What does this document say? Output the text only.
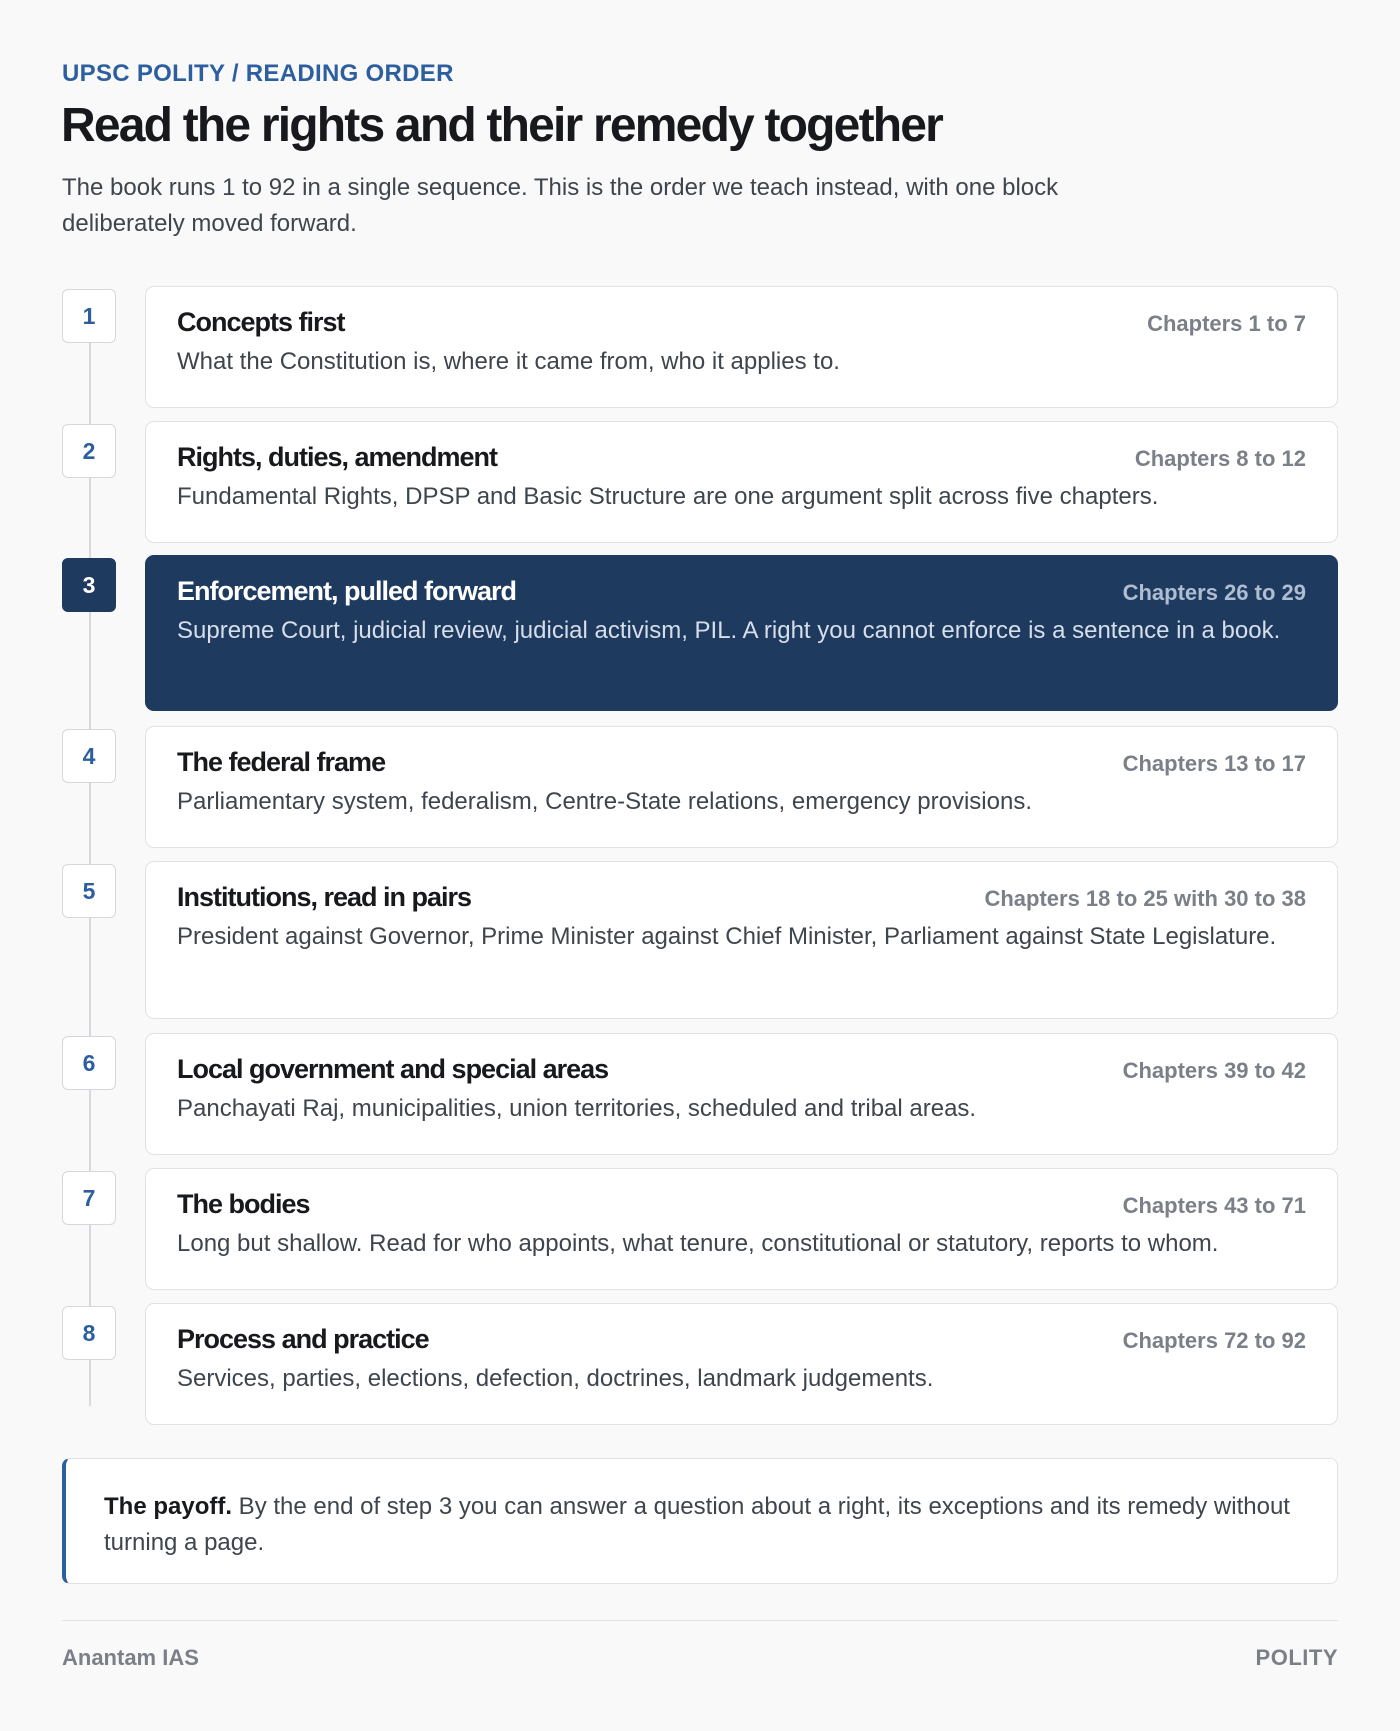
UPSC POLITY / READING ORDER
Read the rights and their remedy together

The book runs 1 to 92 in a single sequence. This is the order we teach instead, with one block deliberately moved forward.

1	Concepts first	Chapters 1 to 7
What the Constitution is, where it came from, who it applies to.
2	Rights, duties, amendment	Chapters 8 to 12
Fundamental Rights, DPSP and Basic Structure are one argument split across five chapters.
3	Enforcement, pulled forward	Chapters 26 to 29
Supreme Court, judicial review, judicial activism, PIL. A right you cannot enforce is a sentence in a book.
4	The federal frame	Chapters 13 to 17
Parliamentary system, federalism, Centre-State relations, emergency provisions.
5	Institutions, read in pairs	Chapters 18 to 25 with 30 to 38
President against Governor, Prime Minister against Chief Minister, Parliament against State Legislature.
6	Local government and special areas	Chapters 39 to 42
Panchayati Raj, municipalities, union territories, scheduled and tribal areas.
7	The bodies	Chapters 43 to 71
Long but shallow. Read for who appoints, what tenure, constitutional or statutory, reports to whom.
8	Process and practice	Chapters 72 to 92
Services, parties, elections, defection, doctrines, landmark judgements.
The payoff. By the end of step 3 you can answer a question about a right, its exceptions and its remedy without turning a page.
Anantam IAS	POLITY
